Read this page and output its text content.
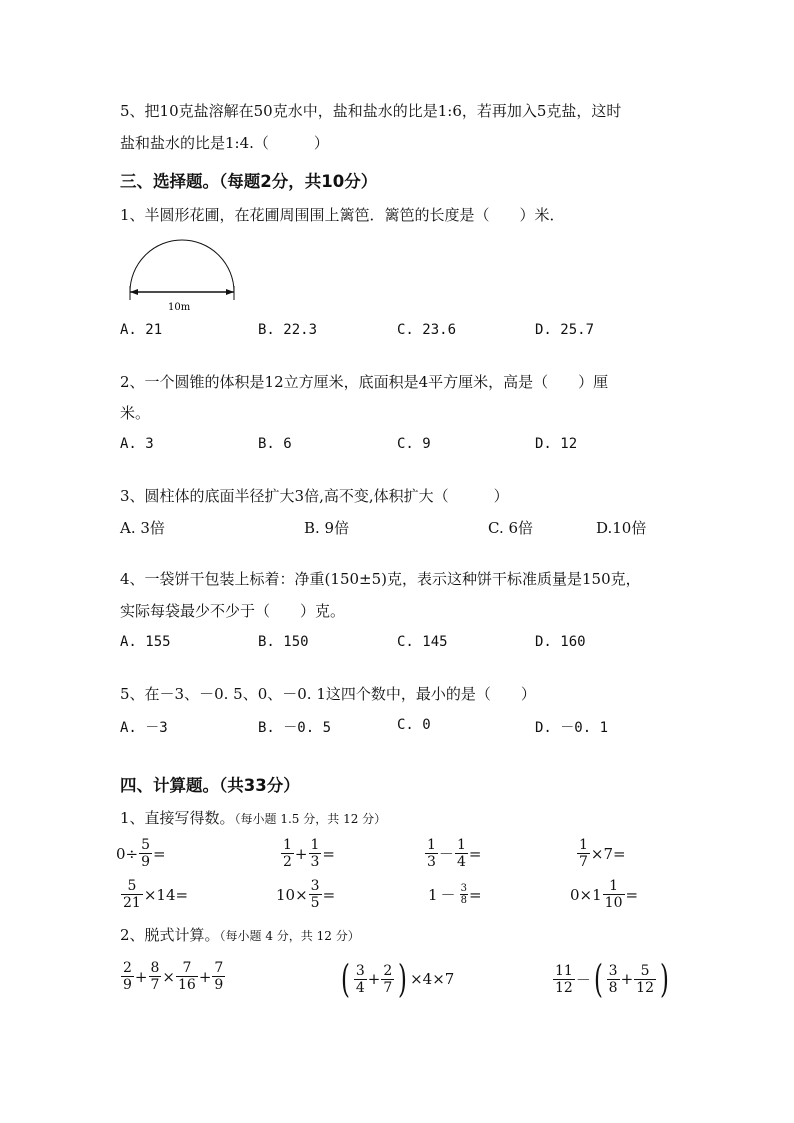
5、把10克盐溶解在50克水中，盐和盐水的比是1:6，若再加入5克盐，这时
盐和盐水的比是1:4.（　　　）
三、选择题。（每题2分，共10分）
1、半圆形花圃，在花圃周围围上篱笆．篱笆的长度是（　　）米．
10m
A. 21	B. 22.3	C. 23.6	D. 25.7
2、一个圆锥的体积是12立方厘米，底面积是4平方厘米，高是（　　）厘
米。
A. 3	B. 6	C. 9	D. 12
3、圆柱体的底面半径扩大3倍,高不变,体积扩大（　　　）
A. 3倍	B. 9倍	C. 6倍	D.10倍
4、一袋饼干包装上标着：净重(150±5)克，表示这种饼干标准质量是150克，
实际每袋最少不少于（　　）克。
A. 155	B. 150	C. 145	D. 160
5、在－3、－0. 5、0、－0. 1这四个数中，最小的是（　　）
A. －3	B. －0. 5	C. 0	D. －0. 1
四、计算题。（共33分）
1、直接写得数。（每小题 1.5 分，共 12 分）
$0 \div \frac{5}{9}$ =	$\frac{1}{2} + \frac{1}{3}$ =	$\frac{1}{3} - \frac{1}{4}$ =	$\frac{1}{7} \times 7$ =
$\frac{5}{21} \times 14$ =	$10 \times \frac{3}{5}$ =	$1 - \frac{3}{8}$ =	$0 \times 1 \frac{1}{10}$ =
2、脱式计算。（每小题 4 分，共 12 分）
$\frac{2}{9} + \frac{8}{7} \times \frac{7}{16} + \frac{7}{9}$	( $\frac{3}{4} + \frac{2}{7}$ ) × 4 × 7	$\frac{11}{12}$ － ( $\frac{3}{8} + \frac{5}{12}$ )
